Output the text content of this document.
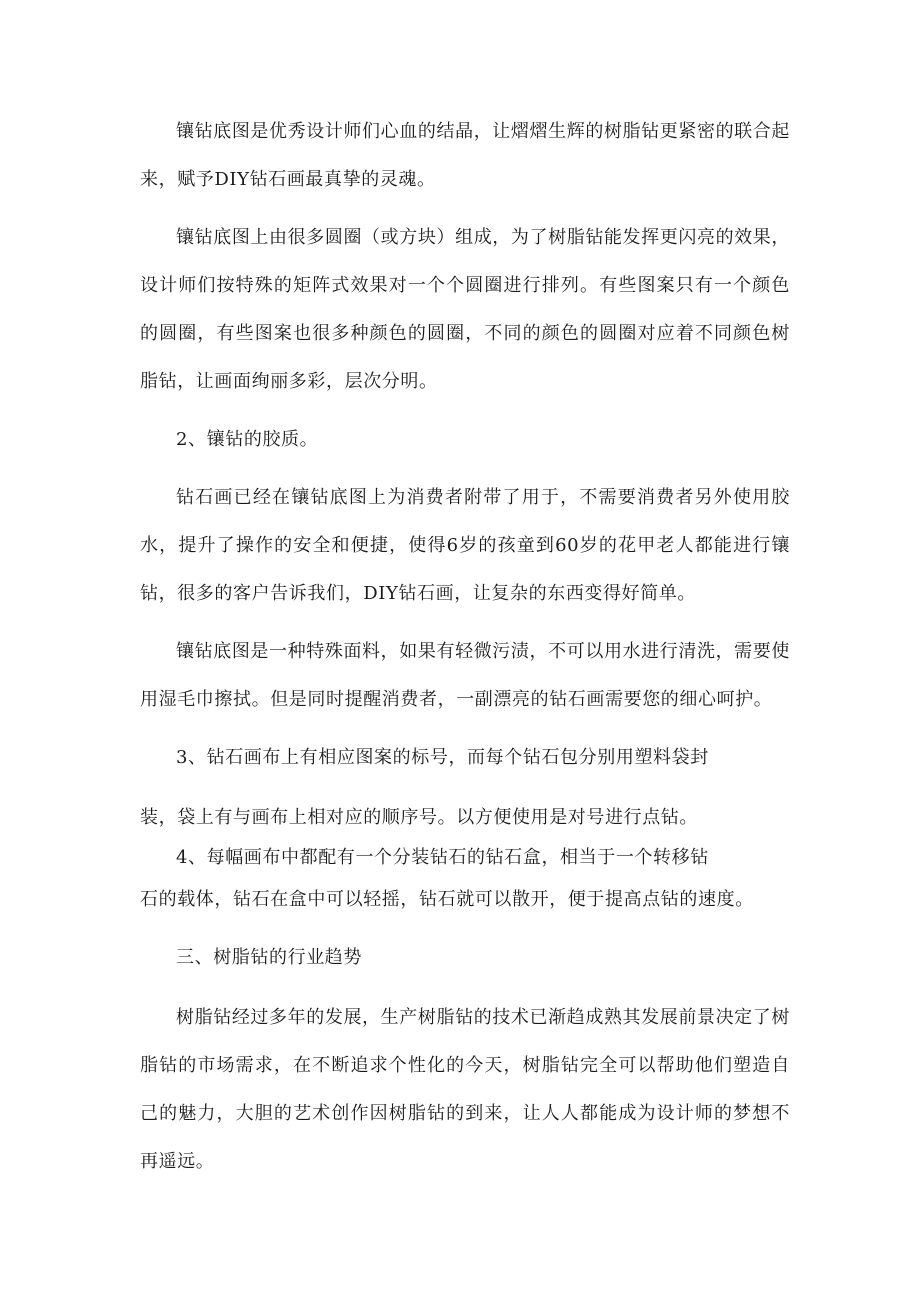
镶钻底图是优秀设计师们心血的结晶，让熠熠生辉的树脂钻更紧密的联合起来，赋予DIY钻石画最真挚的灵魂。

镶钻底图上由很多圆圈（或方块）组成，为了树脂钻能发挥更闪亮的效果，设计师们按特殊的矩阵式效果对一个个圆圈进行排列。有些图案只有一个颜色的圆圈，有些图案也很多种颜色的圆圈，不同的颜色的圆圈对应着不同颜色树脂钻，让画面绚丽多彩，层次分明。

2、镶钻的胶质。

钻石画已经在镶钻底图上为消费者附带了用于，不需要消费者另外使用胶水，提升了操作的安全和便捷，使得6岁的孩童到60岁的花甲老人都能进行镶钻，很多的客户告诉我们，DIY钻石画，让复杂的东西变得好简单。

镶钻底图是一种特殊面料，如果有轻微污渍，不可以用水进行清洗，需要使用湿毛巾擦拭。但是同时提醒消费者，一副漂亮的钻石画需要您的细心呵护。

3、钻石画布上有相应图案的标号，而每个钻石包分别用塑料袋封

装，袋上有与画布上相对应的顺序号。以方便使用是对号进行点钻。

4、每幅画布中都配有一个分装钻石的钻石盒，相当于一个转移钻

石的载体，钻石在盒中可以轻摇，钻石就可以散开，便于提高点钻的速度。

三、树脂钻的行业趋势

树脂钻经过多年的发展，生产树脂钻的技术已渐趋成熟其发展前景决定了树脂钻的市场需求，在不断追求个性化的今天，树脂钻完全可以帮助他们塑造自己的魅力，大胆的艺术创作因树脂钻的到来，让人人都能成为设计师的梦想不再遥远。
